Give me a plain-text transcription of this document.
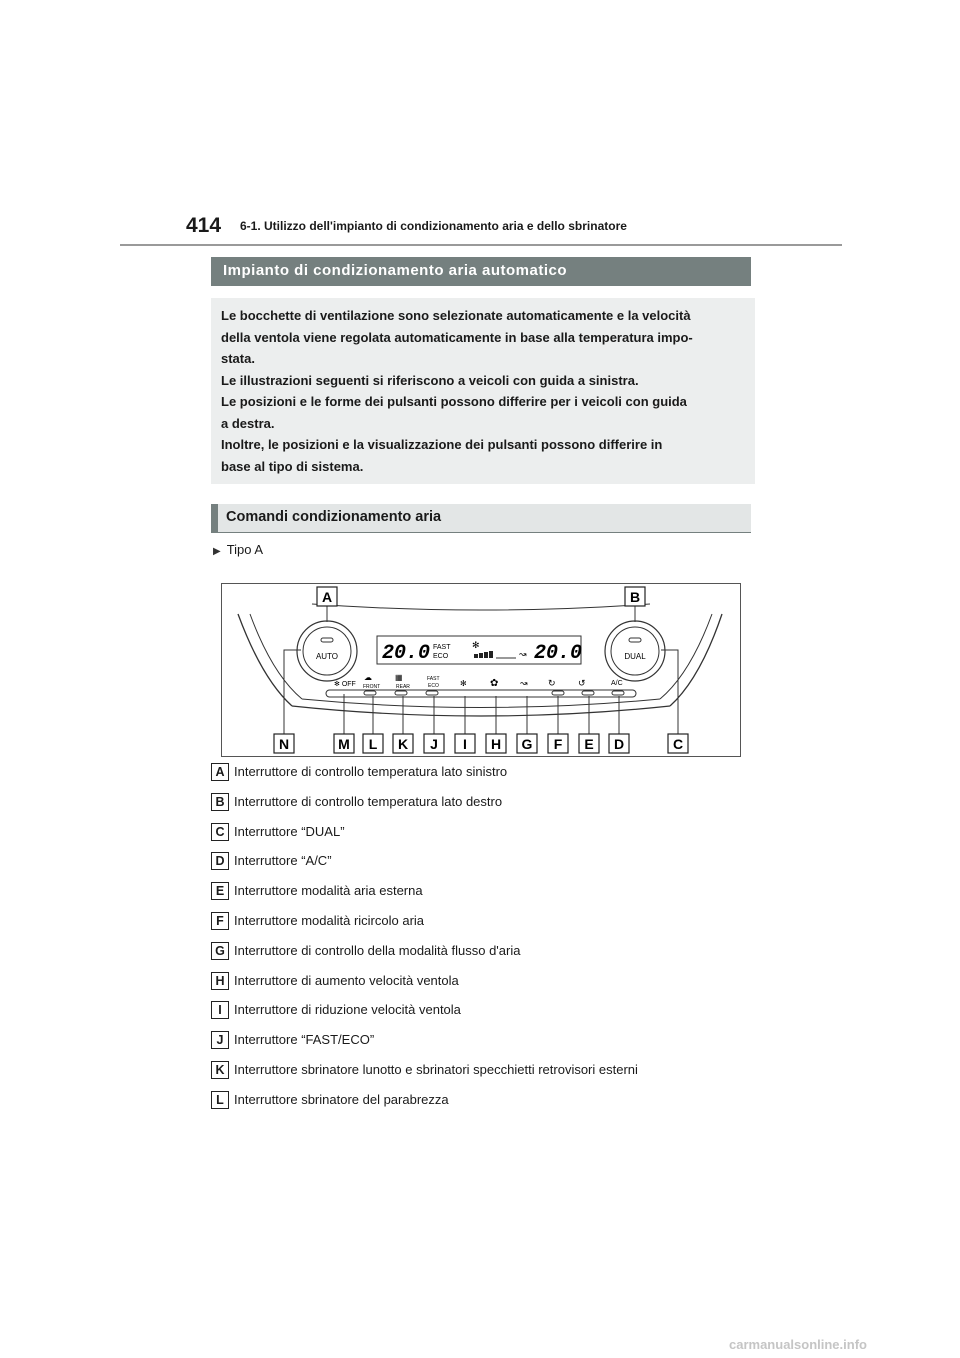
414 6-1. Utilizzo dell'impianto di condizionamento aria e dello sbrinatore
Impianto di condizionamento aria automatico

Le bocchette di ventilazione sono selezionate automaticamente e la velocità

della ventola viene regolata automaticamente in base alla temperatura impo-

stata.

Le illustrazioni seguenti si riferiscono a veicoli con guida a sinistra.

Le posizioni e le forme dei pulsanti possono differire per i veicoli con guida

a destra.

Inoltre, le posizioni e la visualizzazione dei pulsanti possono differire in

base al tipo di sistema.

Comandi condizionamento aria
▶ Tipo A
AUTO	DUAL
20.0 FAST
ECO
✻
↝ 20.0
✻ OFF
☁
FRONT
▦
REAR
FAST
ECO	✻ ✿ ↝ ↻ ↺	A/C
A	B
N	M L K J I H G F E D	C
A Interruttore di controllo temperatura lato sinistro
B Interruttore di controllo temperatura lato destro
C Interruttore “DUAL”
D Interruttore “A/C”
E Interruttore modalità aria esterna
F Interruttore modalità ricircolo aria
G Interruttore di controllo della modalità flusso d'aria
H Interruttore di aumento velocità ventola
I Interruttore di riduzione velocità ventola
J Interruttore “FAST/ECO”
K Interruttore sbrinatore lunotto e sbrinatori specchietti retrovisori esterni
L Interruttore sbrinatore del parabrezza
carmanualsonline.info
